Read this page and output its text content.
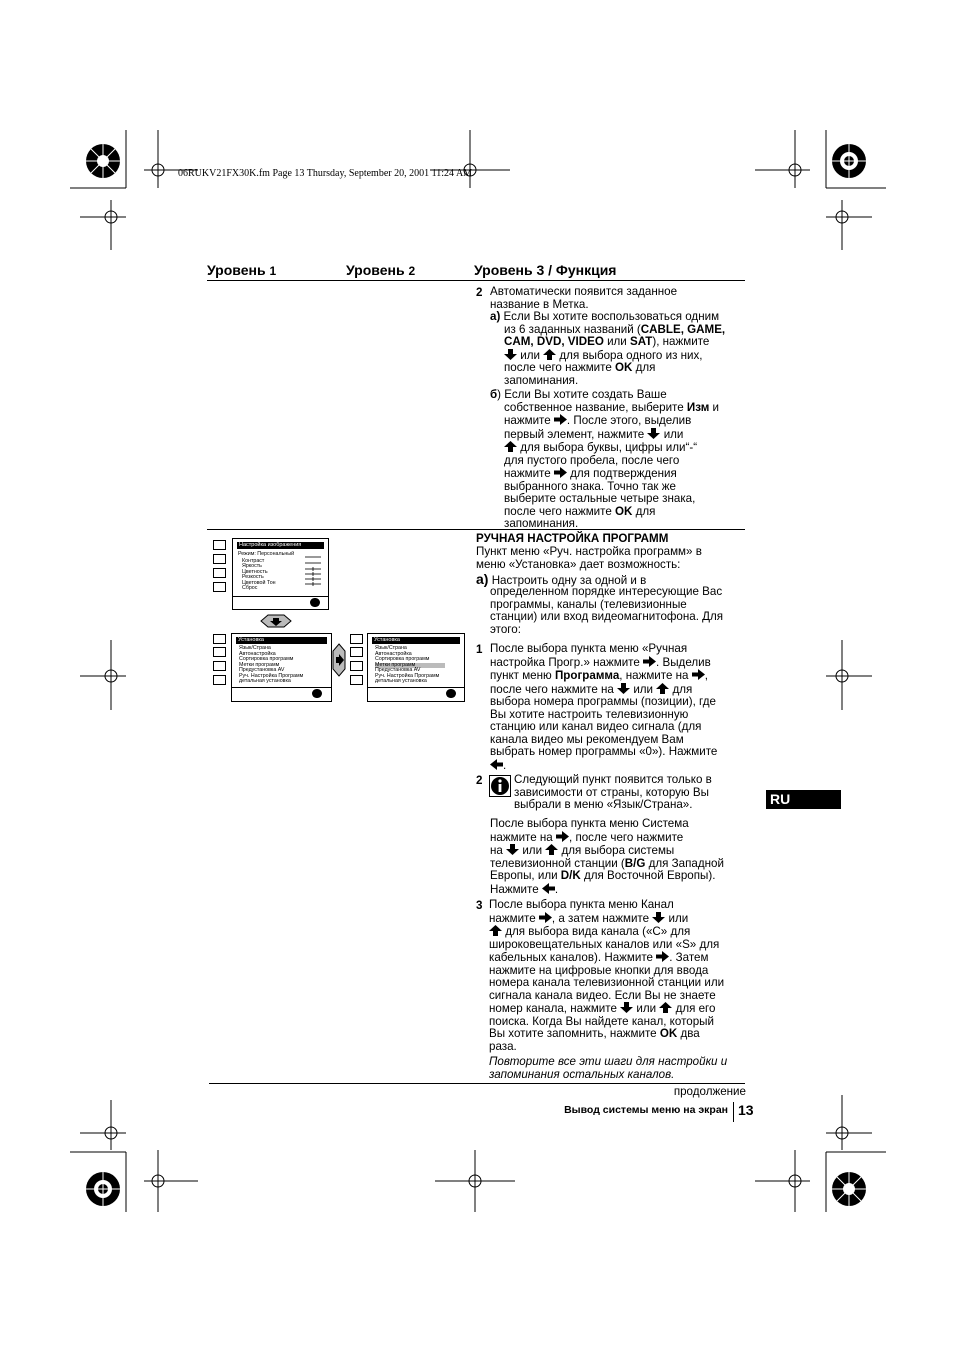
06RUKV21FX30K.fm Page 13 Thursday, September 20, 2001 11:24 AM
Уровень 1	Уровень 2	Уровень 3 / Функция
2 Автоматически появится заданное
название в Метка.
a) Если Вы хотите воспользоваться одним
из 6 заданных названий (CABLE, GAME,
CAM, DVD, VIDEO или SAT), нажмите
или для выбора одного из них,
после чего нажмите OK для
запоминания.
б) Если Вы хотите создать Ваше
собственное название, выберите Изм и
нажмите . После этого, выделив
первый элемент, нажмите или
для выбора буквы, цифры или“-“
для пустого пробела, после чего
нажмите для подтверждения
выбранного знака. Точно так же
выберите остальные четыре знака,
после чего нажмите OK для
запоминания.
Настройка изображения
Режим: Персональный
Контраст
Яркость
Цветность
Резкость
Цветовой Тон
Сброс
Установка
Язык/Страна
Автонастройка
Сортировка программ
Метки программ
Предустановка AV
Руч. Настройка Программ
детальная установка
Установка
Язык/Страна
Автонастройка
Сортировка программ
Метки программ
Предустановка AV
Руч. Настройка Программ
детальная установка
РУЧНАЯ НАСТРОЙКА ПРОГРАММ
Пункт меню «Руч. настройка программ» в
меню «Установка» дает возможность:
a) Настроить одну за одной и в
определенном порядке интересующие Вас
программы, каналы (телевизионные
станции) или вход видеомагнитофона. Для
этого:
1 После выбора пункта меню «Ручная
настройка Прогр.» нажмите . Выделив
пункт меню Программа, нажмите на ,
после чего нажмите на или для
выбора номера программы (позиции), где
Вы хотите настроить телевизионную
станцию или канал видео сигнала (для
канала видео мы рекомендуем Вам
выбрать номер программы «0»). Нажмите
.
2	Следующий пункт появится только в
зависимости от страны, которую Вы
выбрали в меню «Язык/Страна».
После выбора пункта меню Система
нажмите на , после чего нажмите
на или для выбора системы
телевизионной станции (B/G для Западной
Европы, или D/K для Восточной Европы).
Нажмите .
3 После выбора пункта меню Канал
нажмите , а затем нажмите или
для выбора вида канала («C» для
широковещательных каналов или «S» для
кабельных каналов). Нажмите . Затем
нажмите на цифровые кнопки для ввода
номера канала телевизионной станции или
сигнала канала видео. Если Вы не знаете
номер канала, нажмите или для его
поиска. Когда Вы найдете канал, который
Вы хотите запомнить, нажмите OK два
раза.
Повторите все эти шаги для настройки и
запоминания остальных каналов.
RU
продолжение
Вывод системы меню на экран 13
